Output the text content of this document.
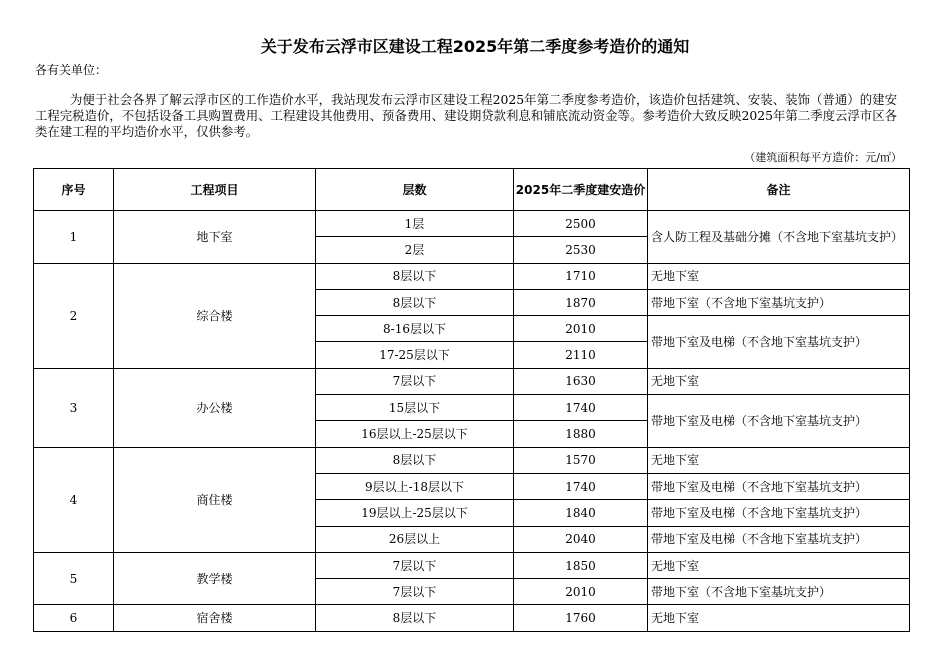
关于发布云浮市区建设工程2025年第二季度参考造价的通知

各有关单位：

为便于社会各界了解云浮市区的工作造价水平，我站现发布云浮市区建设工程2025年第二季度参考造价，该造价包括建筑、安装、装饰（普通）的建安工程完税造价，不包括设备工具购置费用、工程建设其他费用、预备费用、建设期贷款利息和铺底流动资金等。参考造价大致反映2025年第二季度云浮市区各类在建工程的平均造价水平，仅供参考。

（建筑面积每平方造价：元/㎡）

序号	工程项目	层数	2025年二季度建安造价	备注
1	地下室	1层	2500	含人防工程及基础分摊（不含地下室基坑支护）
		2层	2530	
2	综合楼	8层以下	1710	无地下室
		8层以下	1870	带地下室（不含地下室基坑支护）
		8-16层以下	2010	带地下室及电梯（不含地下室基坑支护）
		17-25层以下	2110	
3	办公楼	7层以下	1630	无地下室
		15层以下	1740	带地下室及电梯（不含地下室基坑支护）
		16层以上-25层以下	1880	
4	商住楼	8层以下	1570	无地下室
		9层以上-18层以下	1740	带地下室及电梯（不含地下室基坑支护）
		19层以上-25层以下	1840	带地下室及电梯（不含地下室基坑支护）
		26层以上	2040	带地下室及电梯（不含地下室基坑支护）
5	教学楼	7层以下	1850	无地下室
		7层以下	2010	带地下室（不含地下室基坑支护）
6	宿舍楼	8层以下	1760	无地下室
